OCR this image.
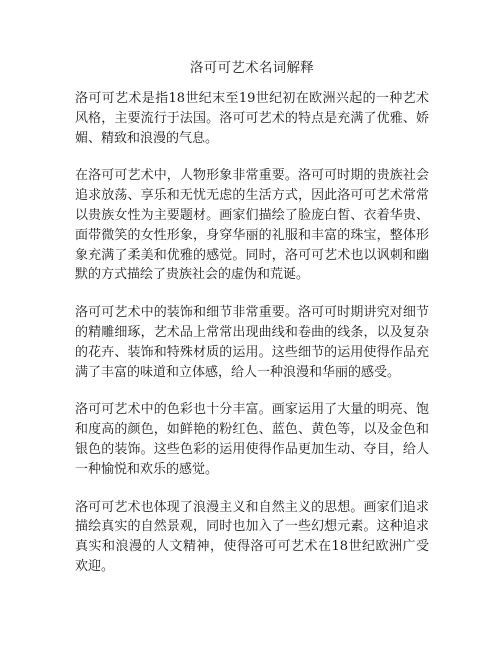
洛可可艺术名词解释

洛可可艺术是指18世纪末至19世纪初在欧洲兴起的一种艺术风格，主要流行于法国。洛可可艺术的特点是充满了优雅、娇媚、精致和浪漫的气息。

在洛可可艺术中，人物形象非常重要。洛可可时期的贵族社会追求放荡、享乐和无忧无虑的生活方式，因此洛可可艺术常常以贵族女性为主要题材。画家们描绘了脸庞白皙、衣着华贵、面带微笑的女性形象，身穿华丽的礼服和丰富的珠宝，整体形象充满了柔美和优雅的感觉。同时，洛可可艺术也以讽刺和幽默的方式描绘了贵族社会的虚伪和荒诞。

洛可可艺术中的装饰和细节非常重要。洛可可时期讲究对细节的精雕细琢，艺术品上常常出现曲线和卷曲的线条，以及复杂的花卉、装饰和特殊材质的运用。这些细节的运用使得作品充满了丰富的味道和立体感，给人一种浪漫和华丽的感受。

洛可可艺术中的色彩也十分丰富。画家运用了大量的明亮、饱和度高的颜色，如鲜艳的粉红色、蓝色、黄色等，以及金色和银色的装饰。这些色彩的运用使得作品更加生动、夺目，给人一种愉悦和欢乐的感觉。

洛可可艺术也体现了浪漫主义和自然主义的思想。画家们追求描绘真实的自然景观，同时也加入了一些幻想元素。这种追求真实和浪漫的人文精神，使得洛可可艺术在18世纪欧洲广受欢迎。
